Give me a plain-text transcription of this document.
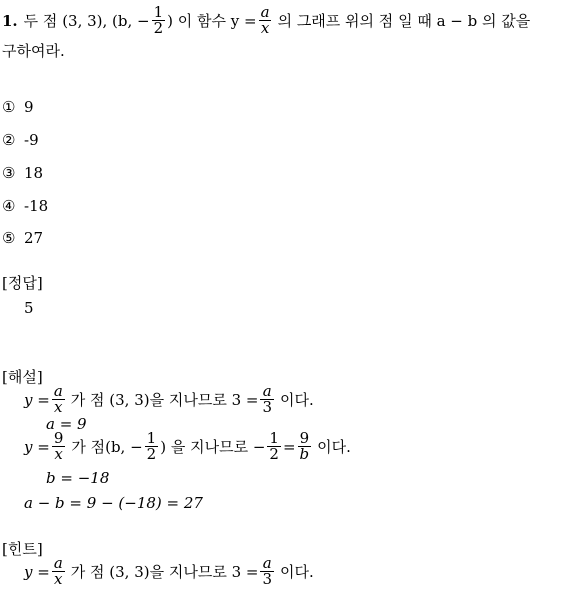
1. 두 점 (3, 3), (b, − $\frac{1}{2}$ ) 이 함수 $y = \frac{a}{x}$ 의 그래프 위의 점 일 때 a − b 의 값을
구하여라.
① 9
② -9
③ 18
④ -18
⑤ 27
[정답]
5
[해설]
$y = \frac{a}{x}$ 가 점 (3, 3)을 지나므로 $3 = \frac{a}{3}$ 이다.
a = 9
$y = \frac{9}{x}$ 가 점(b, − $\frac{1}{2}$ ) 을 지나므로 − $\frac{1}{2} = \frac{9}{b}$ 이다.
b = −18
a − b = 9 − (−18) = 27
[힌트]
$y = \frac{a}{x}$ 가 점 (3, 3)을 지나므로 $3 = \frac{a}{3}$ 이다.
